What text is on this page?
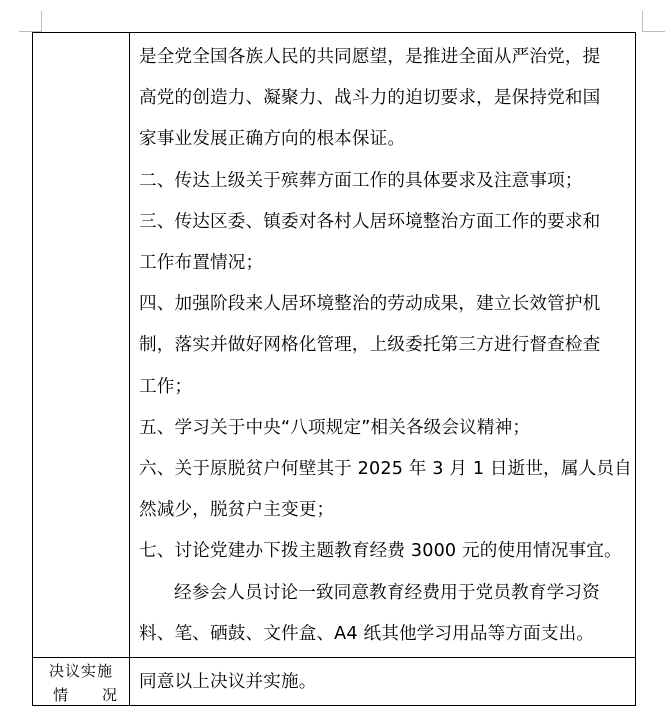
是全党全国各族人民的共同愿望，是推进全面从严治党，提

高党的创造力、凝聚力、战斗力的迫切要求，是保持党和国

家事业发展正确方向的根本保证。

二、传达上级关于殡葬方面工作的具体要求及注意事项；

三、传达区委、镇委对各村人居环境整治方面工作的要求和

工作布置情况；

四、加强阶段来人居环境整治的劳动成果，建立长效管护机

制，落实并做好网格化管理，上级委托第三方进行督查检查

工作；

五、学习关于中央“八项规定”相关各级会议精神；

六、关于原脱贫户何壁其于 2025 年 3 月 1 日逝世，属人员自

然减少，脱贫户主变更；

七、讨论党建办下拨主题教育经费 3000 元的使用情况事宜。

经参会人员讨论一致同意教育经费用于党员教育学习资

料、笔、硒鼓、文件盒、A4 纸其他学习用品等方面支出。

决议实施
情 况
同意以上决议并实施。
